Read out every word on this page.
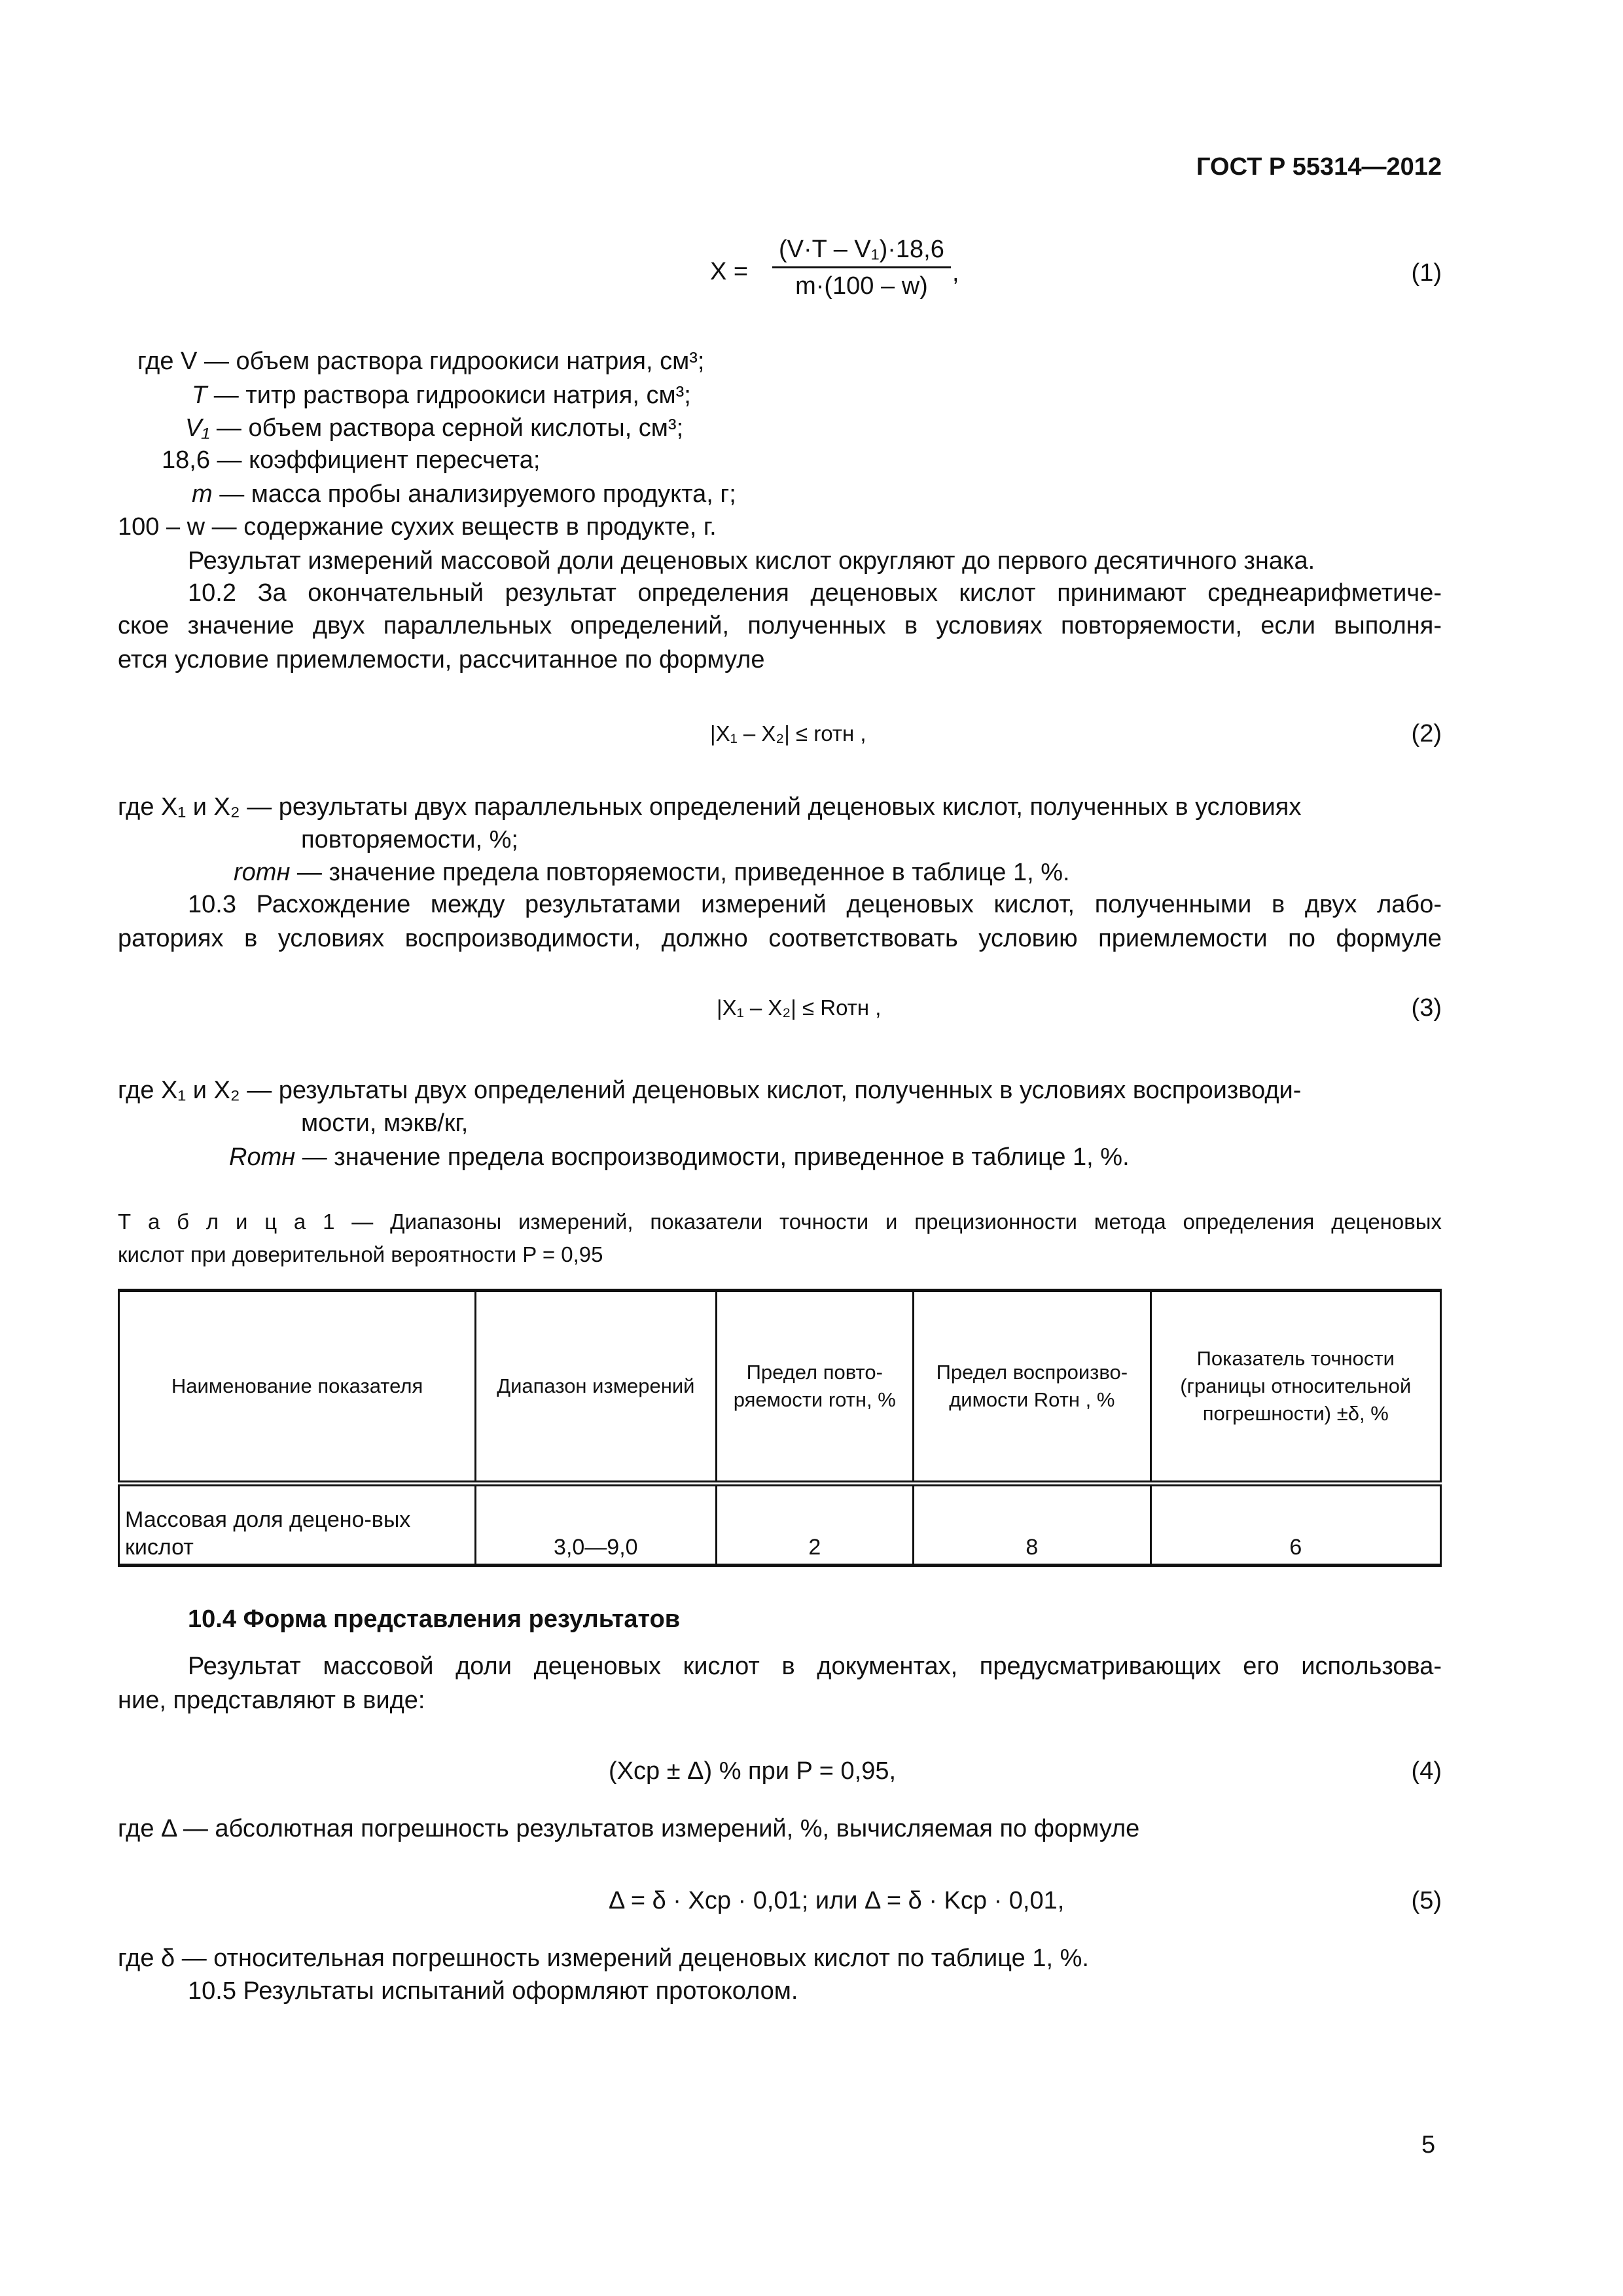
ГОСТ Р 55314—2012
$X = \frac{\text{(V·T – V₁)·18,6}}{m\cdot(100 - w)}$ ,	(1)
где V — объем раствора гидроокиси натрия, см³;
T — титр раствора гидроокиси натрия, см³;
V₁ — объем раствора серной кислоты, см³;
18,6 — коэффициент пересчета;
m — масса пробы анализируемого продукта, г;
100 – w — содержание сухих веществ в продукте, г.
Результат измерений массовой доли деценовых кислот округляют до первого десятичного знака.
10.2 За окончательный результат определения деценовых кислот принимают среднеарифметиче-
ское значение двух параллельных определений, полученных в условиях повторяемости, если выполня-
ется условие приемлемости, рассчитанное по формуле
|X₁ – X₂| ≤ rотн ,	(2)
где X₁ и X₂ — результаты двух параллельных определений деценовых кислот, полученных в условиях
повторяемости, %;
rотн — значение предела повторяемости, приведенное в таблице 1, %.
10.3 Расхождение между результатами измерений деценовых кислот, полученными в двух лабо-
раториях в условиях воспроизводимости, должно соответствовать условию приемлемости по формуле
|X₁ – X₂| ≤ Rотн ,	(3)
где X₁ и X₂ — результаты двух определений деценовых кислот, полученных в условиях воспроизводи-
мости, мэкв/кг,
Rотн — значение предела воспроизводимости, приведенное в таблице 1, %.
Т а б л и ц а 1 — Диапазоны измерений, показатели точности и прецизионности метода определения деценовых
кислот при доверительной вероятности P = 0,95
Наименование показателя	Диапазон измерений	Предел повто-ряемости rотн, %	Предел воспроизво-димости Rотн , %	Показатель точности (границы относительной погрешности) ±δ, %
Массовая доля децено-вых кислот	3,0—9,0	2	8	6
10.4 Форма представления результатов
Результат массовой доли деценовых кислот в документах, предусматривающих его использова-
ние, представляют в виде:
(Xср ± Δ) % при P = 0,95,	(4)
где Δ — абсолютная погрешность результатов измерений, %, вычисляемая по формуле
Δ = δ · Xср · 0,01; или Δ = δ · Kср · 0,01,	(5)
где δ — относительная погрешность измерений деценовых кислот по таблице 1, %.
10.5 Результаты испытаний оформляют протоколом.
5
